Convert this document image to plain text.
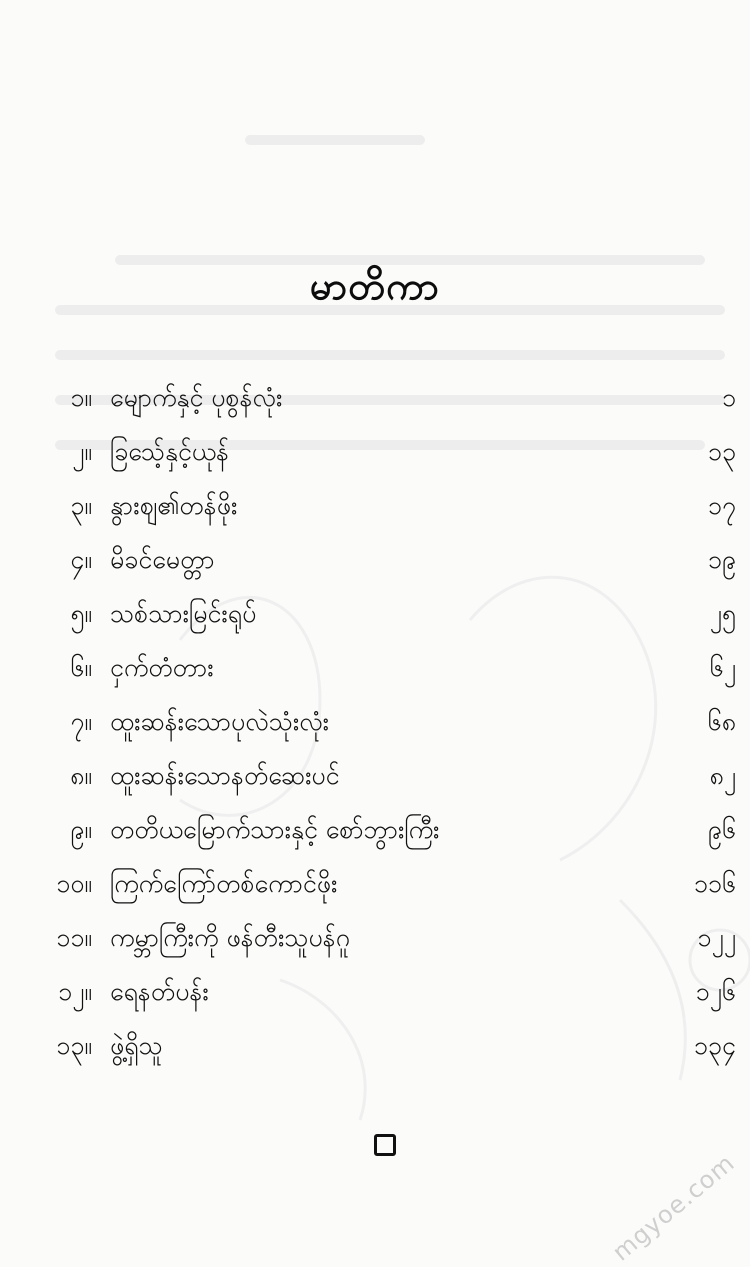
မာတိကာ
၁။ မျောက်နှင့် ပုစွန်လုံး	၁
၂။ ခြသေ့်နှင့်ယုန်	၁၃
၃။ နွားဈ၏တန်ဖိုး	၁၇
၄။ မိခင်မေတ္တာ	၁၉
၅။ သစ်သားမြင်းရုပ်	၂၅
၆။ ငှက်တံတား	၆၂
၇။ ထူးဆန်းသောပုလဲသုံးလုံး	၆၈
၈။ ထူးဆန်းသောနတ်ဆေးပင်	၈၂
၉။ တတိယမြောက်သားနှင့် စော်ဘွားကြီး	၉၆
၁၀။ ကြက်ကြော်တစ်ကောင်ဖိုး	၁၁၆
၁၁။ ကမ္ဘာကြီးကို ဖန်တီးသူပန်ဂူ	၁၂၂
၁၂။ ရေနတ်ပန်း	၁၂၆
၁၃။ ဖွဲ့ရှိသူ	၁၃၄
mgyoe.com
